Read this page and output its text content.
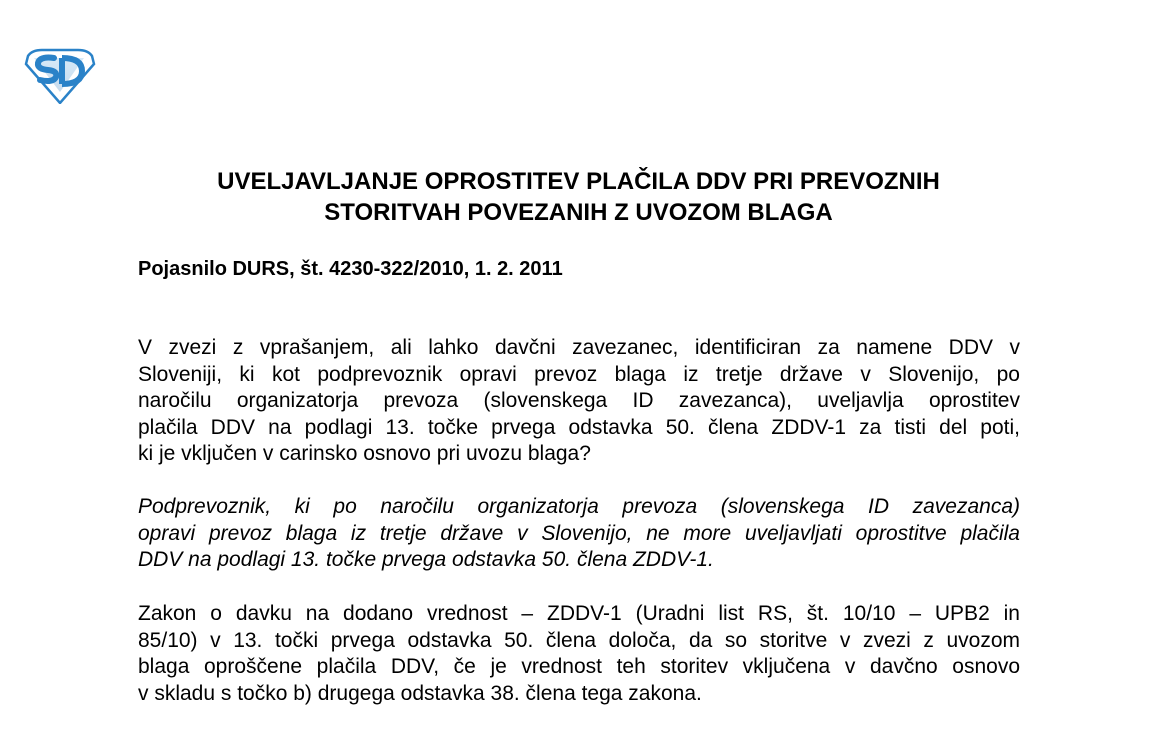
UVELJAVLJANJE OPROSTITEV PLAČILA DDV PRI PREVOZNIH
STORITVAH POVEZANIH Z UVOZOM BLAGA
Pojasnilo DURS, št. 4230-322/2010, 1. 2. 2011
V zvezi z vprašanjem, ali lahko davčni zavezanec, identificiran za namene DDV v
Sloveniji, ki kot podprevoznik opravi prevoz blaga iz tretje države v Slovenijo, po
naročilu organizatorja prevoza (slovenskega ID zavezanca), uveljavlja oprostitev
plačila DDV na podlagi 13. točke prvega odstavka 50. člena ZDDV-1 za tisti del poti,
ki je vključen v carinsko osnovo pri uvozu blaga?
Podprevoznik, ki po naročilu organizatorja prevoza (slovenskega ID zavezanca)
opravi prevoz blaga iz tretje države v Slovenijo, ne more uveljavljati oprostitve plačila
DDV na podlagi 13. točke prvega odstavka 50. člena ZDDV-1.
Zakon o davku na dodano vrednost – ZDDV-1 (Uradni list RS, št. 10/10 – UPB2 in
85/10) v 13. točki prvega odstavka 50. člena določa, da so storitve v zvezi z uvozom
blaga oproščene plačila DDV, če je vrednost teh storitev vključena v davčno osnovo
v skladu s točko b) drugega odstavka 38. člena tega zakona.
